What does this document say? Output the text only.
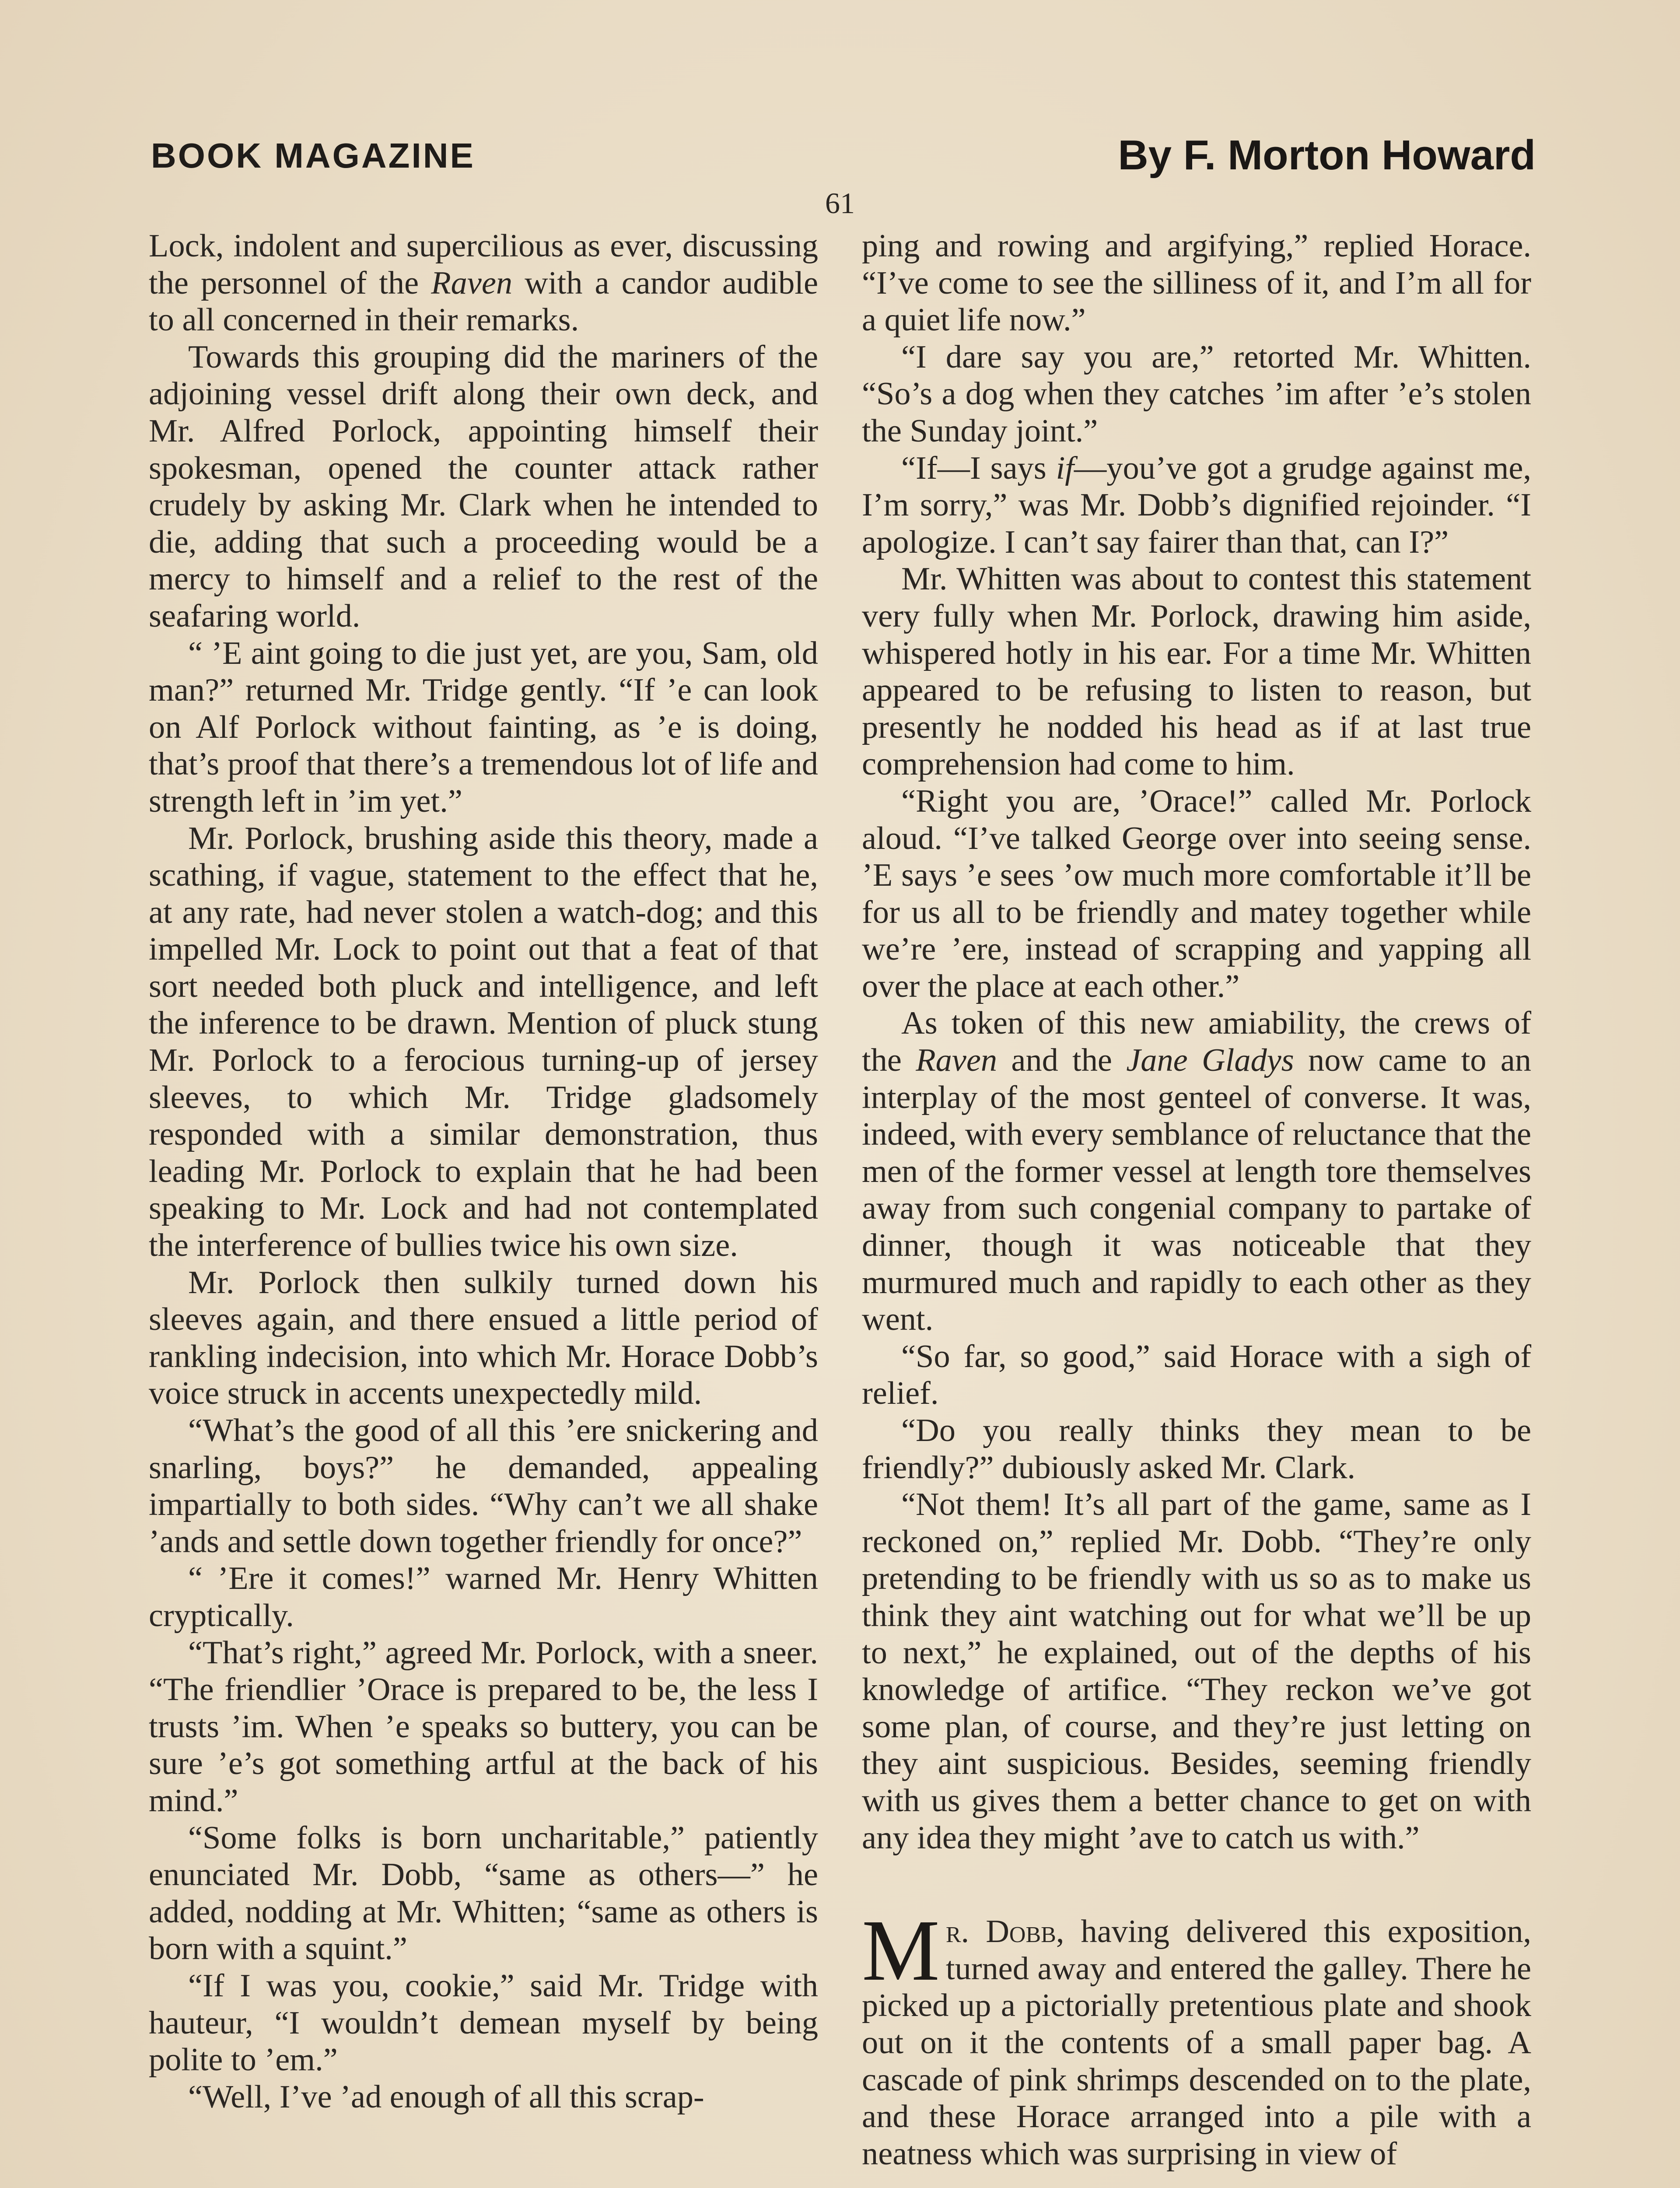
BOOK MAGAZINE	By F. Morton Howard
61

Lock, indolent and supercilious as ever, discussing the personnel of the Raven with a candor audible to all concerned in their remarks.

Towards this grouping did the mariners of the adjoining vessel drift along their own deck, and Mr. Alfred Porlock, appointing himself their spokesman, opened the counter attack rather crudely by asking Mr. Clark when he intended to die, adding that such a proceeding would be a mercy to himself and a relief to the rest of the seafaring world.

“ ’E aint going to die just yet, are you, Sam, old man?” returned Mr. Tridge gently. “If ’e can look on Alf Porlock without fainting, as ’e is doing, that’s proof that there’s a tremendous lot of life and strength left in ’im yet.”

Mr. Porlock, brushing aside this theory, made a scathing, if vague, statement to the effect that he, at any rate, had never stolen a watch-dog; and this impelled Mr. Lock to point out that a feat of that sort needed both pluck and intelligence, and left the inference to be drawn. Mention of pluck stung Mr. Porlock to a ferocious turning-up of jersey sleeves, to which Mr. Tridge gladsomely responded with a similar demonstration, thus leading Mr. Porlock to explain that he had been speaking to Mr. Lock and had not contemplated the interference of bullies twice his own size.

Mr. Porlock then sulkily turned down his sleeves again, and there ensued a little period of rankling indecision, into which Mr. Horace Dobb’s voice struck in accents unexpectedly mild.

“What’s the good of all this ’ere snickering and snarling, boys?” he demanded, appealing impartially to both sides. “Why can’t we all shake ’ands and settle down together friendly for once?”

“ ’Ere it comes!” warned Mr. Henry Whitten cryptically.

“That’s right,” agreed Mr. Porlock, with a sneer. “The friendlier ’Orace is prepared to be, the less I trusts ’im. When ’e speaks so buttery, you can be sure ’e’s got something artful at the back of his mind.”

“Some folks is born uncharitable,” patiently enunciated Mr. Dobb, “same as others—” he added, nodding at Mr. Whitten; “same as others is born with a squint.”

“If I was you, cookie,” said Mr. Tridge with hauteur, “I wouldn’t demean myself by being polite to ’em.”

“Well, I’ve ’ad enough of all this scrap-

ping and rowing and argifying,” replied Horace. “I’ve come to see the silliness of it, and I’m all for a quiet life now.”

“I dare say you are,” retorted Mr. Whitten. “So’s a dog when they catches ’im after ’e’s stolen the Sunday joint.”

“If—I says if—you’ve got a grudge against me, I’m sorry,” was Mr. Dobb’s dignified rejoinder. “I apologize. I can’t say fairer than that, can I?”

Mr. Whitten was about to contest this statement very fully when Mr. Porlock, drawing him aside, whispered hotly in his ear. For a time Mr. Whitten appeared to be refusing to listen to reason, but presently he nodded his head as if at last true comprehension had come to him.

“Right you are, ’Orace!” called Mr. Porlock aloud. “I’ve talked George over into seeing sense. ’E says ’e sees ’ow much more comfortable it’ll be for us all to be friendly and matey together while we’re ’ere, instead of scrapping and yapping all over the place at each other.”

As token of this new amiability, the crews of the Raven and the Jane Gladys now came to an interplay of the most genteel of converse. It was, indeed, with every semblance of reluctance that the men of the former vessel at length tore themselves away from such congenial company to partake of dinner, though it was noticeable that they murmured much and rapidly to each other as they went.

“So far, so good,” said Horace with a sigh of relief.

“Do you really thinks they mean to be friendly?” dubiously asked Mr. Clark.

“Not them! It’s all part of the game, same as I reckoned on,” replied Mr. Dobb. “They’re only pretending to be friendly with us so as to make us think they aint watching out for what we’ll be up to next,” he explained, out of the depths of his knowledge of artifice. “They reckon we’ve got some plan, of course, and they’re just letting on they aint suspicious. Besides, seeming friendly with us gives them a better chance to get on with any idea they might ’ave to catch us with.”

Mr. Dobb, having delivered this exposition, turned away and entered the galley. There he picked up a pictorially pretentious plate and shook out on it the contents of a small paper bag. A cascade of pink shrimps descended on to the plate, and these Horace arranged into a pile with a neatness which was surprising in view of
